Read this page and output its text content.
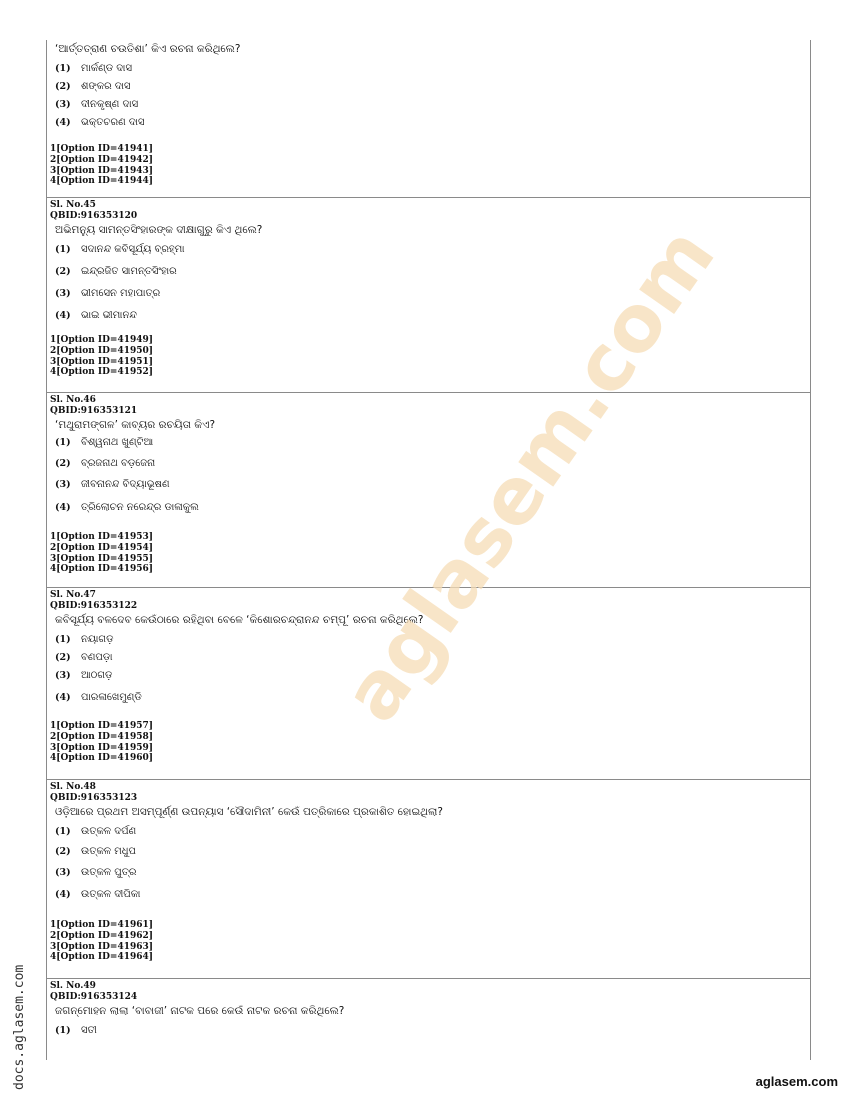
‘ଆର୍ତ୍ତତ୍ରାଣ ଚଉତିଶା’ କିଏ ରଚନା କରିଥିଲେ?
(1) ମାର୍କଣ୍ଡ ଦାସ
(2) ଶଙ୍କର ଦାସ
(3) ଦୀନକୃଷ୍ଣ ଦାସ
(4) ଭକ୍ତଚରଣ ଦାସ
1[Option ID=41941]
2[Option ID=41942]
3[Option ID=41943]
4[Option ID=41944]
Sl. No.45
QBID:916353120
ଅଭିମନ୍ୟୁ ସାମନ୍ତସିଂହାରଙ୍କ ଦୀକ୍ଷାଗୁରୁ କିଏ ଥିଲେ?
(1) ସଦାନନ୍ଦ କବିସୂର୍ଯ୍ୟ ବ୍ରହ୍ମା
(2) ଇନ୍ଦ୍ରଜିତ ସାମନ୍ତସିଂହାର
(3) ଭୀମସେନ ମହାପାତ୍ର
(4) ଭାଇ ଭୀମାନନ୍ଦ
1[Option ID=41949]
2[Option ID=41950]
3[Option ID=41951]
4[Option ID=41952]
Sl. No.46
QBID:916353121
‘ମଥୁରାମଙ୍ଗଳ’ କାବ୍ୟର ରଚୟିତା କିଏ?
(1) ବିଶ୍ୱନାଥ ଖୁଣ୍ଟିଆ
(2) ବ୍ରଜନାଥ ବଡ଼ଜେନା
(3) ଜୀବନାନନ୍ଦ ବିଦ୍ୟାଭୂଷଣ
(4) ତ୍ରିଲୋଚନ ନରେନ୍ଦ୍ର ଡାଳାକୁଲ
1[Option ID=41953]
2[Option ID=41954]
3[Option ID=41955]
4[Option ID=41956]
Sl. No.47
QBID:916353122
କବିସୂର୍ଯ୍ୟ ବଳଦେବ କେଉଁଠାରେ ରହିଥିବା ବେଳେ ‘କିଶୋରଚନ୍ଦ୍ରାନନ୍ଦ ଚମ୍ପୂ’ ରଚନା କରିଥିଲେ?
(1) ନୟାଗଡ଼
(2) ବଣପଡ଼ା
(3) ଆଠଗଡ଼
(4) ପାରଳାଖେମୁଣ୍ଡି
1[Option ID=41957]
2[Option ID=41958]
3[Option ID=41959]
4[Option ID=41960]
Sl. No.48
QBID:916353123
ଓଡ଼ିଆରେ ପ୍ରଥମ ଅସମ୍ପୂର୍ଣ୍ଣ ଉପନ୍ୟାସ ‘ସୌଦାମିନୀ’ କେଉଁ ପତ୍ରିକାରେ ପ୍ରକାଶିତ ହୋଇଥିଲା?
(1) ଉତ୍କଳ ଦର୍ପଣ
(2) ଉତ୍କଳ ମଧୁପ
(3) ଉତ୍କଳ ପୁତ୍ର
(4) ଉତ୍କଳ ଦୀପିକା
1[Option ID=41961]
2[Option ID=41962]
3[Option ID=41963]
4[Option ID=41964]
Sl. No.49
QBID:916353124
ଜଗନ୍ମୋହନ ଲାଲା ‘ବାବାଜୀ’ ନାଟକ ପରେ କେଉଁ ନାଟକ ରଚନା କରିଥିଲେ?
(1) ସତୀ
aglasem.com
docs.aglasem.com	aglasem.com
